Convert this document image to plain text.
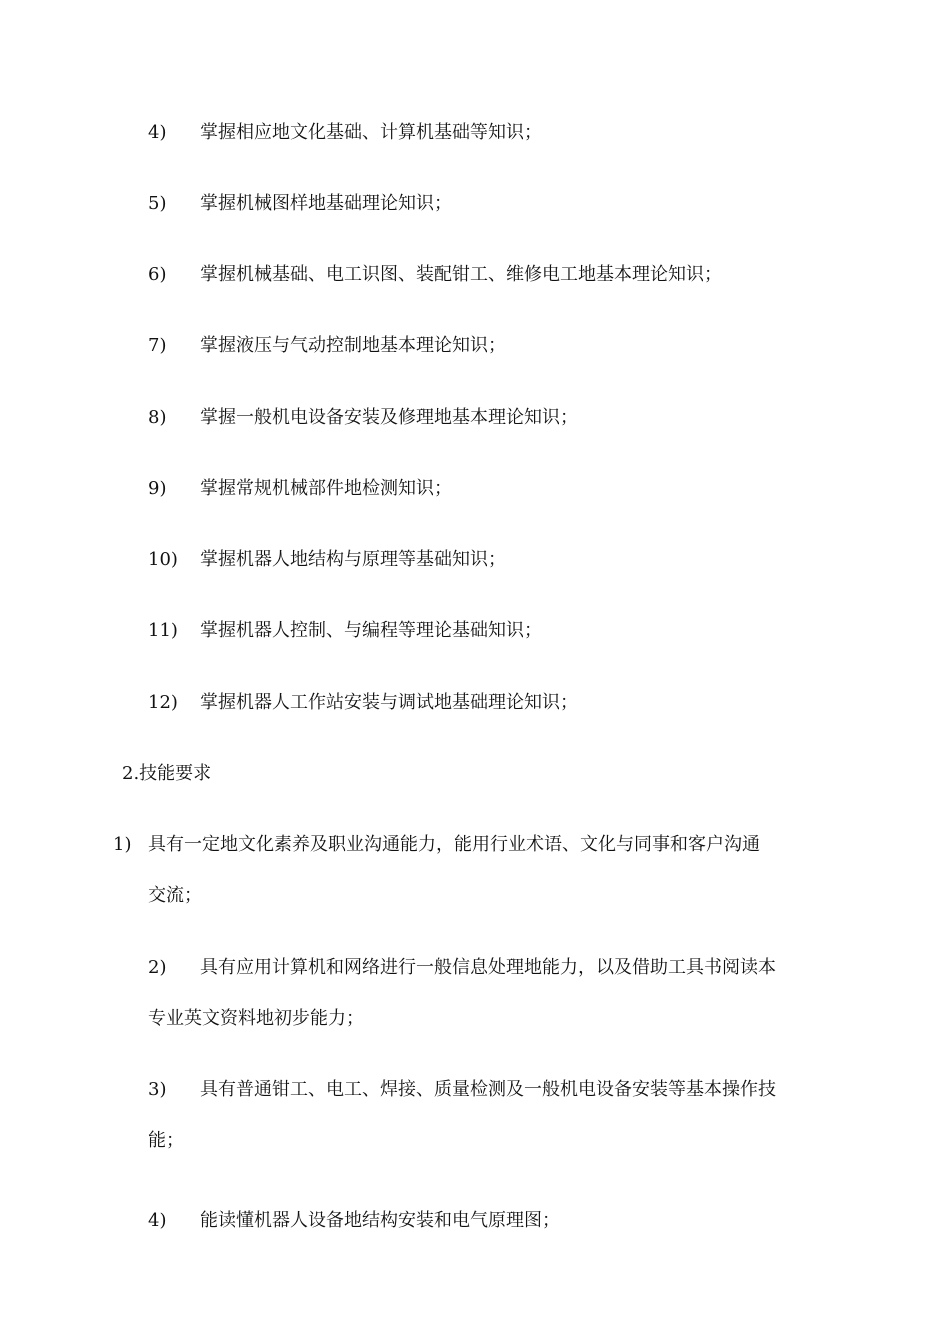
4) 掌握相应地文化基础、计算机基础等知识；
5) 掌握机械图样地基础理论知识；
6) 掌握机械基础、电工识图、装配钳工、维修电工地基本理论知识；
7) 掌握液压与气动控制地基本理论知识；
8) 掌握一般机电设备安装及修理地基本理论知识；
9) 掌握常规机械部件地检测知识；
10) 掌握机器人地结构与原理等基础知识；
11) 掌握机器人控制、与编程等理论基础知识；
12) 掌握机器人工作站安装与调试地基础理论知识；
2.技能要求
1) 具有一定地文化素养及职业沟通能力，能用行业术语、文化与同事和客户沟通
交流；
2) 具有应用计算机和网络进行一般信息处理地能力，以及借助工具书阅读本
专业英文资料地初步能力；
3) 具有普通钳工、电工、焊接、质量检测及一般机电设备安装等基本操作技
能；
4) 能读懂机器人设备地结构安装和电气原理图；
